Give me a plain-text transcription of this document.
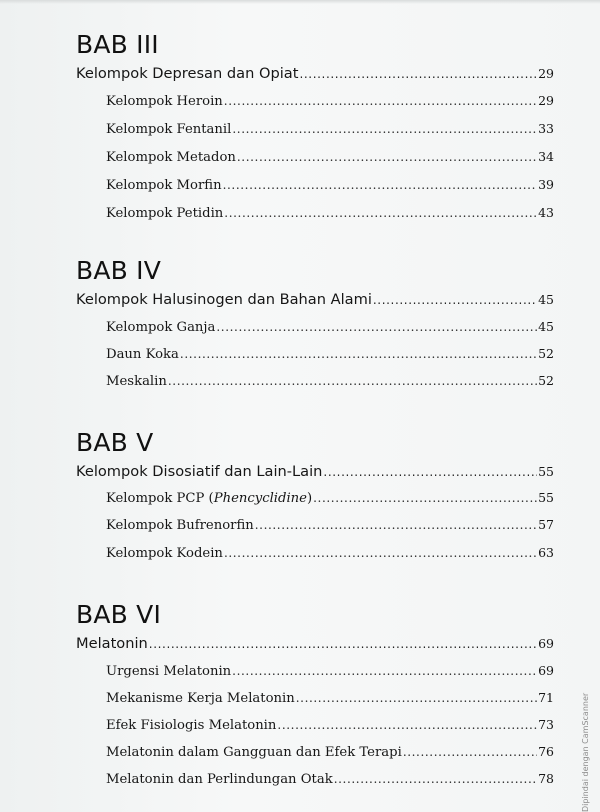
BAB III
Kelompok Depresan dan Opiat .....	29
Kelompok Heroin .....	29
Kelompok Fentanil .....	33
Kelompok Metadon .....	34
Kelompok Morfin .....	39
Kelompok Petidin .....	43
BAB IV
Kelompok Halusinogen dan Bahan Alami .....	45
Kelompok Ganja .....	45
Daun Koka .....	52
Meskalin .....	52
BAB V
Kelompok Disosiatif dan Lain-Lain .....	55
Kelompok PCP (Phencyclidine) .....	55
Kelompok Bufrenorfin .....	57
Kelompok Kodein .....	63
BAB VI
Melatonin .....	69
Urgensi Melatonin .....	69
Mekanisme Kerja Melatonin .....	71
Efek Fisiologis Melatonin .....	73
Melatonin dalam Gangguan dan Efek Terapi .....	76
Melatonin dan Perlindungan Otak .....	78	Dipindai dengan CamScanner
